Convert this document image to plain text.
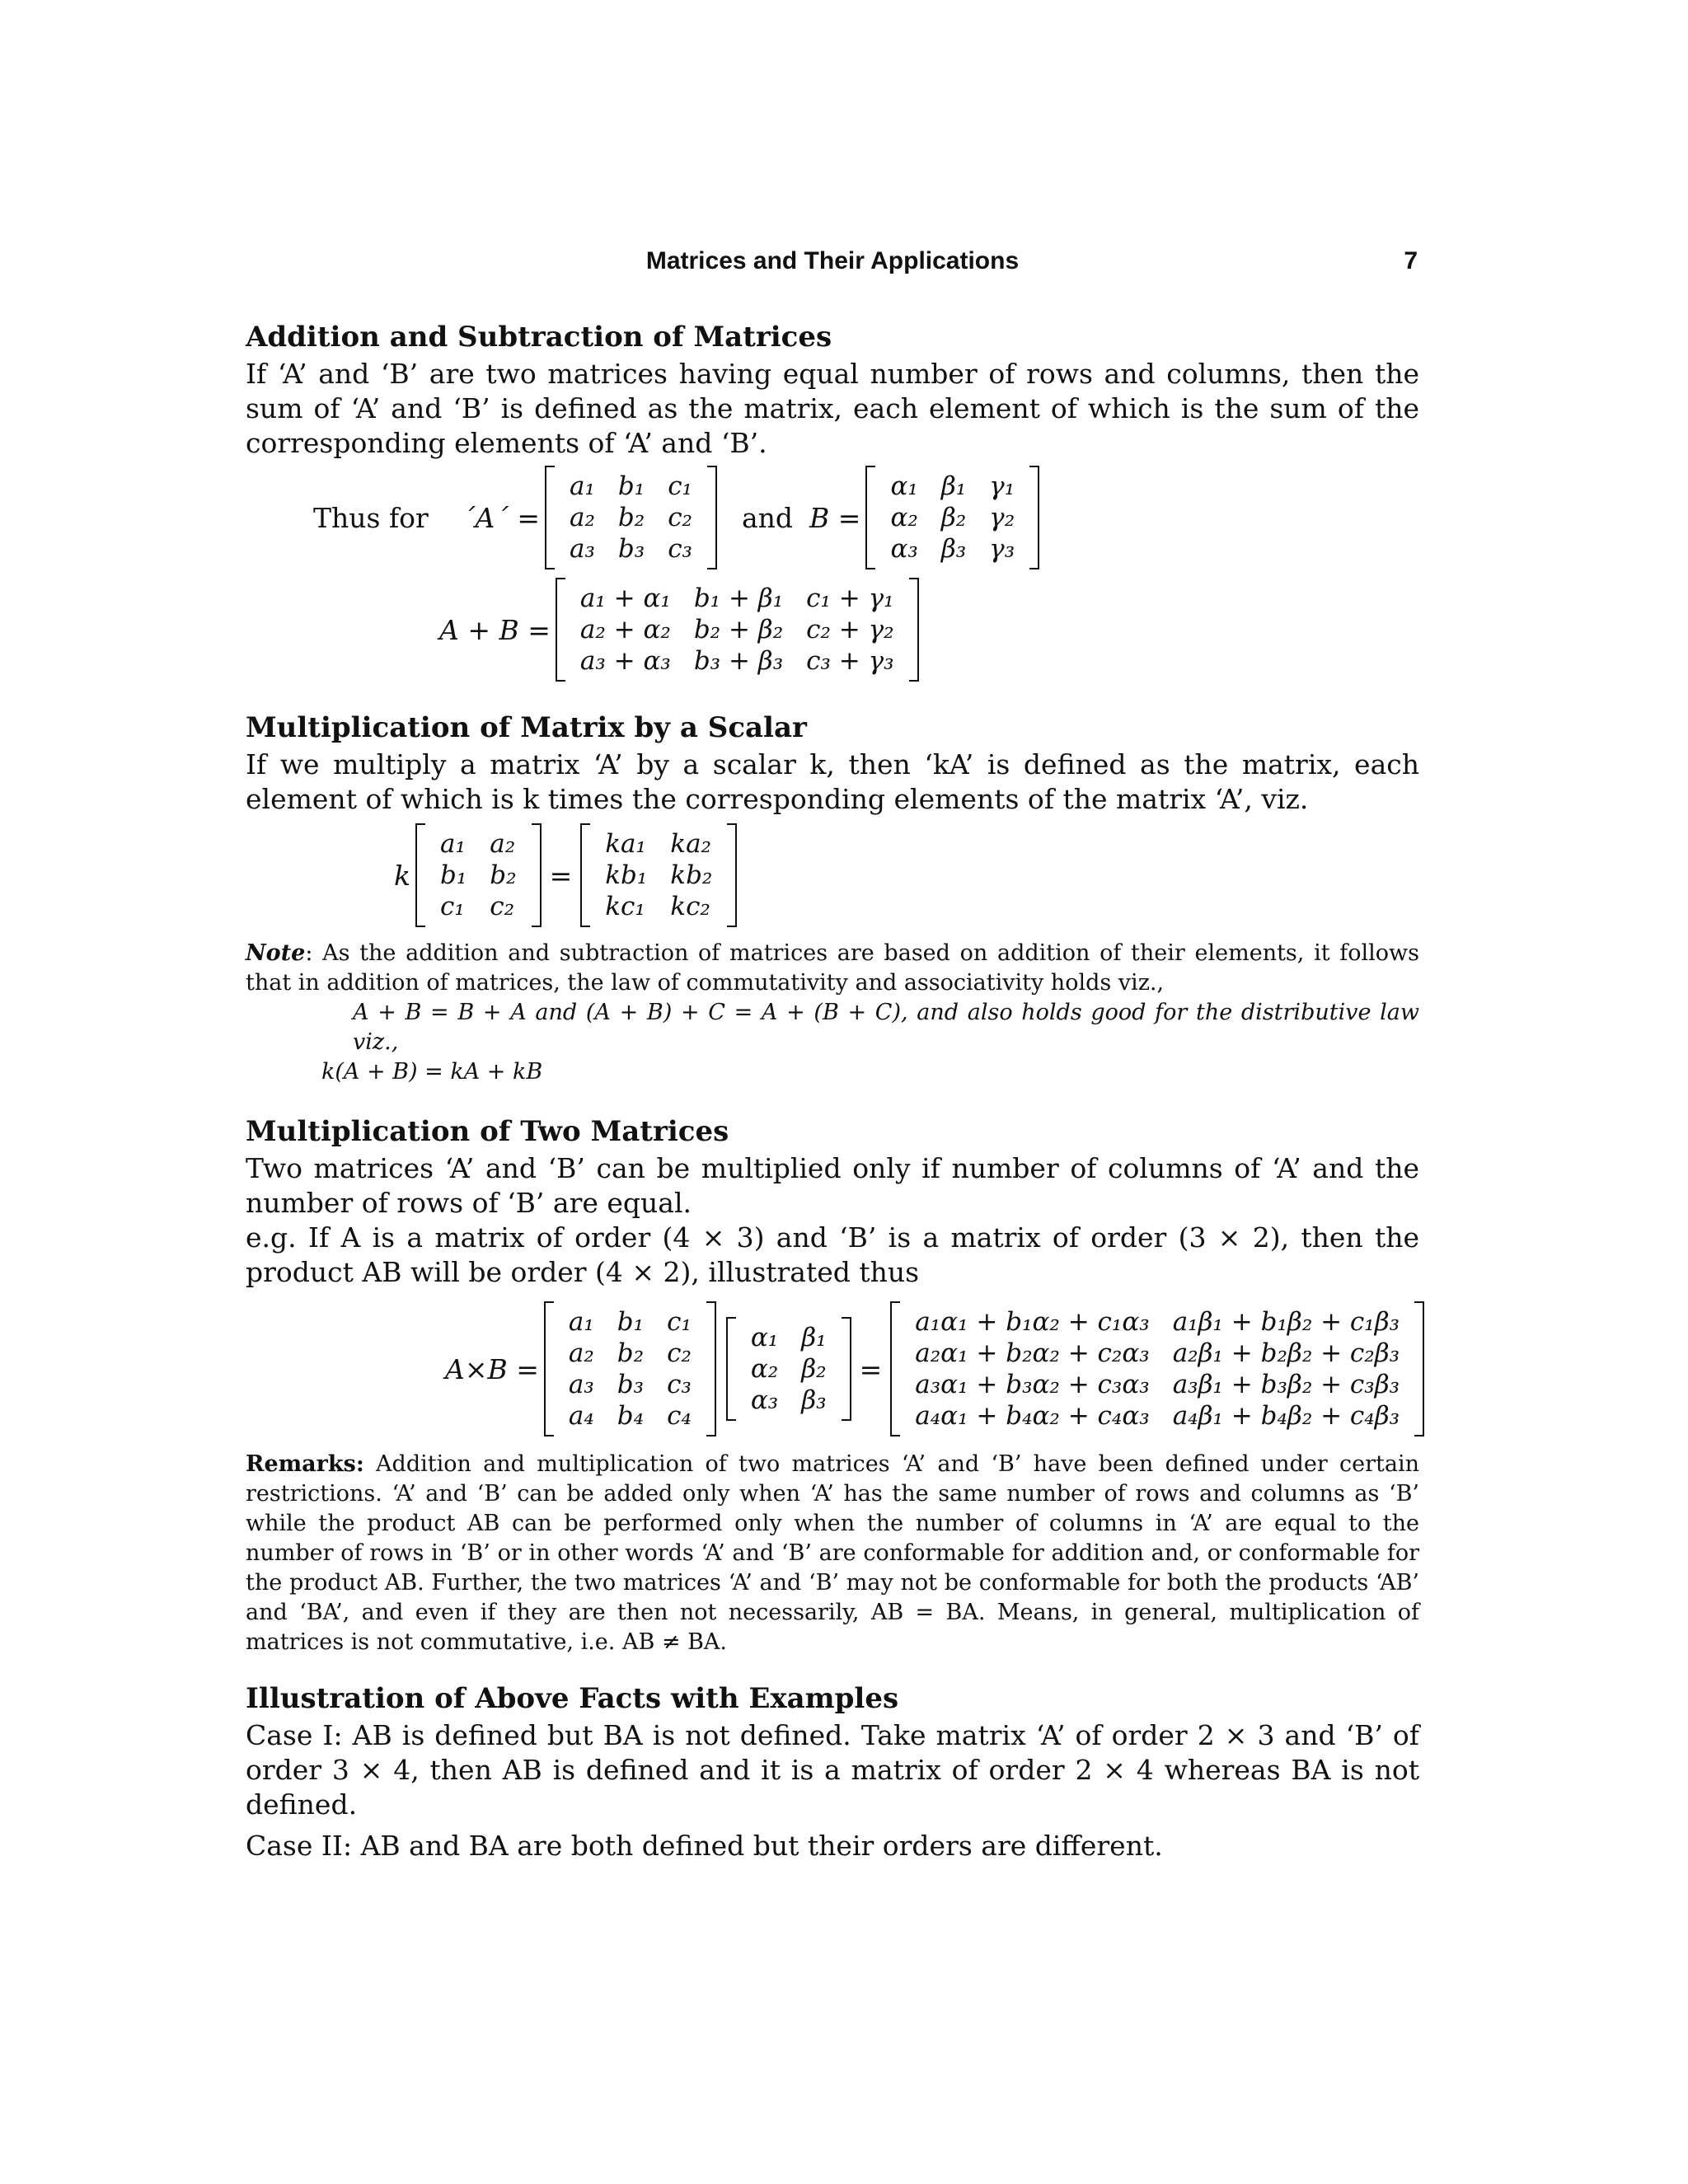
Matrices and Their Applications	7
Addition and Subtraction of Matrices

If ‘A’ and ‘B’ are two matrices having equal number of rows and columns, then the sum of ‘A’ and ‘B’ is defined as the matrix, each element of which is the sum of the corresponding elements of ‘A’ and ‘B’.

Thus for	´A´ =
a₁	b₁	c₁
a₂	b₂	c₂
a₃	b₃	c₃
and B =
α₁	β₁	γ₁
α₂	β₂	γ₂
α₃	β₃	γ₃
A + B =
a₁ + α₁	b₁ + β₁	c₁ + γ₁
a₂ + α₂	b₂ + β₂	c₂ + γ₂
a₃ + α₃	b₃ + β₃	c₃ + γ₃
Multiplication of Matrix by a Scalar

If we multiply a matrix ‘A’ by a scalar k, then ‘kA’ is defined as the matrix, each element of which is k times the corresponding elements of the matrix ‘A’, viz.

k
a₁	a₂
b₁	b₂
c₁	c₂
=
ka₁	ka₂
kb₁	kb₂
kc₁	kc₂

Note: As the addition and subtraction of matrices are based on addition of their elements, it follows that in addition of matrices, the law of commutativity and associativity holds viz.,

A + B = B + A and (A + B) + C = A + (B + C), and also holds good for the distributive law viz.,

k(A + B) = kA + kB

Multiplication of Two Matrices

Two matrices ‘A’ and ‘B’ can be multiplied only if number of columns of ‘A’ and the number of rows of ‘B’ are equal.

e.g. If A is a matrix of order (4 × 3) and ‘B’ is a matrix of order (3 × 2), then the product AB will be order (4 × 2), illustrated thus

A×B =
a₁	b₁	c₁
a₂	b₂	c₂
a₃	b₃	c₃
a₄	b₄	c₄
α₁	β₁
α₂	β₂
α₃	β₃
=
a₁α₁ + b₁α₂ + c₁α₃	a₁β₁ + b₁β₂ + c₁β₃
a₂α₁ + b₂α₂ + c₂α₃	a₂β₁ + b₂β₂ + c₂β₃
a₃α₁ + b₃α₂ + c₃α₃	a₃β₁ + b₃β₂ + c₃β₃
a₄α₁ + b₄α₂ + c₄α₃	a₄β₁ + b₄β₂ + c₄β₃

Remarks: Addition and multiplication of two matrices ‘A’ and ‘B’ have been defined under certain restrictions. ‘A’ and ‘B’ can be added only when ‘A’ has the same number of rows and columns as ‘B’ while the product AB can be performed only when the number of columns in ‘A’ are equal to the number of rows in ‘B’ or in other words ‘A’ and ‘B’ are conformable for addition and, or conformable for the product AB. Further, the two matrices ‘A’ and ‘B’ may not be conformable for both the products ‘AB’ and ‘BA’, and even if they are then not necessarily, AB = BA. Means, in general, multiplication of matrices is not commutative, i.e. AB ≠ BA.

Illustration of Above Facts with Examples

Case I: AB is defined but BA is not defined. Take matrix ‘A’ of order 2 × 3 and ‘B’ of order 3 × 4, then AB is defined and it is a matrix of order 2 × 4 whereas BA is not defined.

Case II: AB and BA are both defined but their orders are different.
